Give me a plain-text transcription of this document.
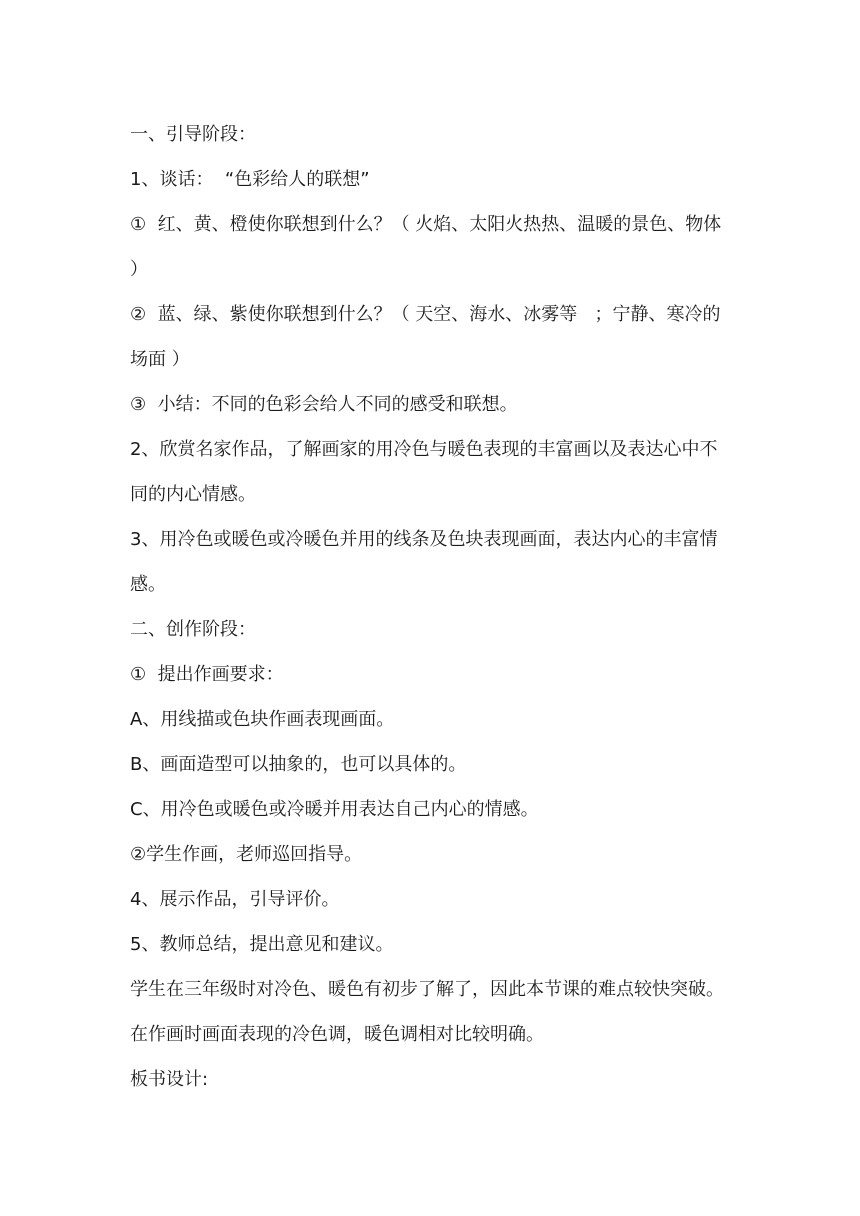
一、引导阶段：

1、谈话：  “色彩给人的联想”

①  红、黄、橙使你联想到什么？（ 火焰、太阳火热热、温暖的景色、物体 ）

②  蓝、绿、紫使你联想到什么？（ 天空、海水、冰雾等   ；宁静、寒冷的场面 ）

③  小结：不同的色彩会给人不同的感受和联想。

2、欣赏名家作品，了解画家的用冷色与暖色表现的丰富画以及表达心中不同的内心情感。

3、用冷色或暖色或冷暖色并用的线条及色块表现画面，表达内心的丰富情感。

二、创作阶段：

①  提出作画要求：

A、用线描或色块作画表现画面。

B、画面造型可以抽象的，也可以具体的。

C、用冷色或暖色或冷暖并用表达自己内心的情感。

②学生作画，老师巡回指导。

4、展示作品，引导评价。

5、教师总结，提出意见和建议。

学生在三年级时对冷色、暖色有初步了解了，因此本节课的难点较快突破。在作画时画面表现的冷色调，暖色调相对比较明确。

板书设计:
